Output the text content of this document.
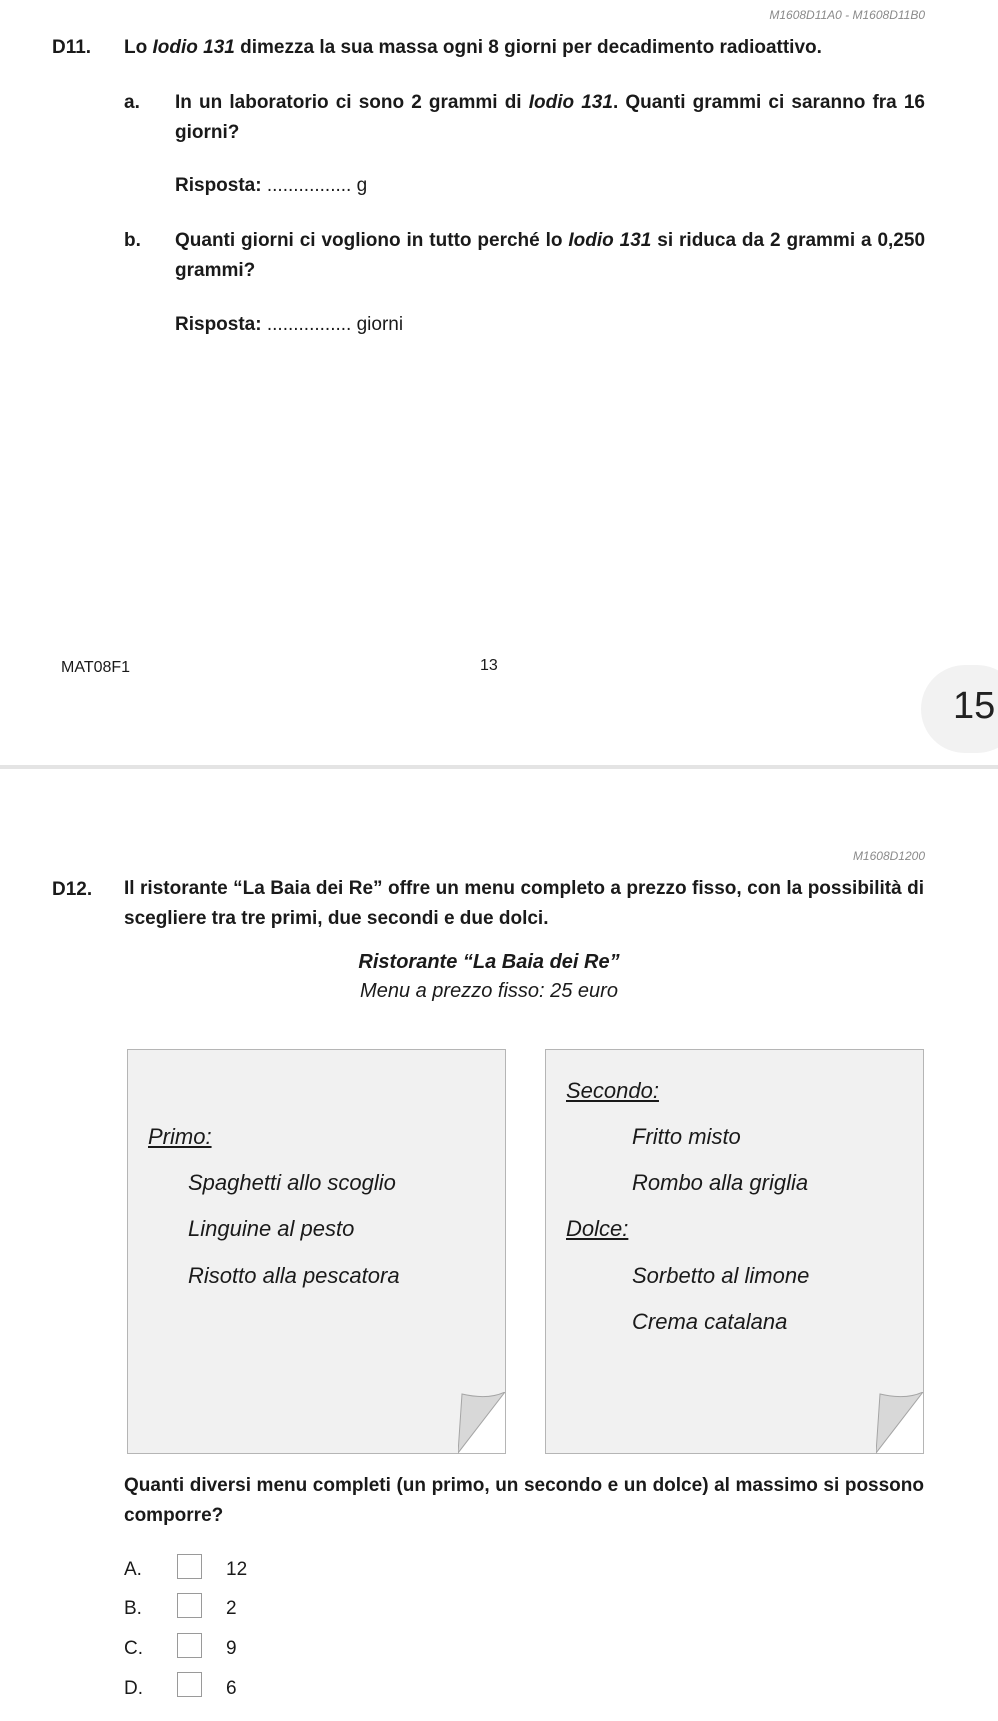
M1608D11A0 - M1608D11B0
D11. Lo Iodio 131 dimezza la sua massa ogni 8 giorni per decadimento radioattivo.
a. In un laboratorio ci sono 2 grammi di Iodio 131. Quanti grammi ci saranno fra 16 giorni?
Risposta: ................ g
b. Quanti giorni ci vogliono in tutto perché lo Iodio 131 si riduca da 2 grammi a 0,250 grammi?
Risposta: ................ giorni
MAT08F1	13
15
M1608D1200
D12. Il ristorante “La Baia dei Re” offre un menu completo a prezzo fisso, con la possibilità di scegliere tra tre primi, due secondi e due dolci.
Ristorante “La Baia dei Re”
Menu a prezzo fisso: 25 euro
Primo:
Spaghetti allo scoglio
Linguine al pesto
Risotto alla pescatora
Secondo:
Fritto misto
Rombo alla griglia
Dolce:
Sorbetto al limone
Crema catalana
Quanti diversi menu completi (un primo, un secondo e un dolce) al massimo si possono comporre?
A.	12
B.	2
C.	9
D.	6
